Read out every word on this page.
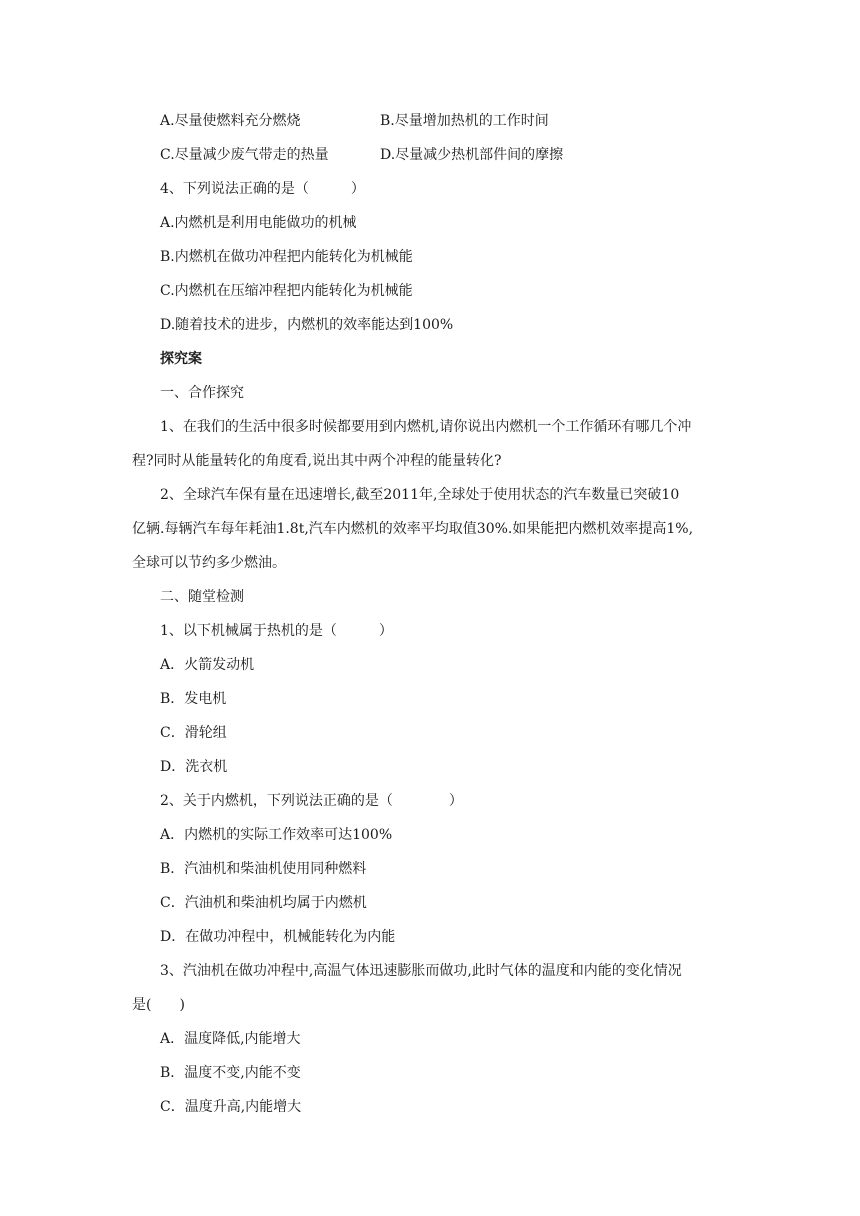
A.尽量使燃料充分燃烧	B.尽量增加热机的工作时间
C.尽量减少废气带走的热量	D.尽量减少热机部件间的摩擦
4、下列说法正确的是（　　　）
A.内燃机是利用电能做功的机械
B.内燃机在做功冲程把内能转化为机械能
C.内燃机在压缩冲程把内能转化为机械能
D.随着技术的进步，内燃机的效率能达到100%
探究案
一、合作探究
1、在我们的生活中很多时候都要用到内燃机,请你说出内燃机一个工作循环有哪几个冲
程?同时从能量转化的角度看,说出其中两个冲程的能量转化?
2、全球汽车保有量在迅速增长,截至2011年,全球处于使用状态的汽车数量已突破10
亿辆.每辆汽车每年耗油1.8t,汽车内燃机的效率平均取值30%.如果能把内燃机效率提高1%,
全球可以节约多少燃油。
二、随堂检测
1、以下机械属于热机的是（　　　）
A．火箭发动机
B．发电机
C．滑轮组
D．洗衣机
2、关于内燃机，下列说法正确的是（　　　　）
A．内燃机的实际工作效率可达100%
B．汽油机和柴油机使用同种燃料
C．汽油机和柴油机均属于内燃机
D．在做功冲程中，机械能转化为内能
3、汽油机在做功冲程中,高温气体迅速膨胀而做功,此时气体的温度和内能的变化情况
是(　　)
A．温度降低,内能增大
B．温度不变,内能不变
C．温度升高,内能增大
